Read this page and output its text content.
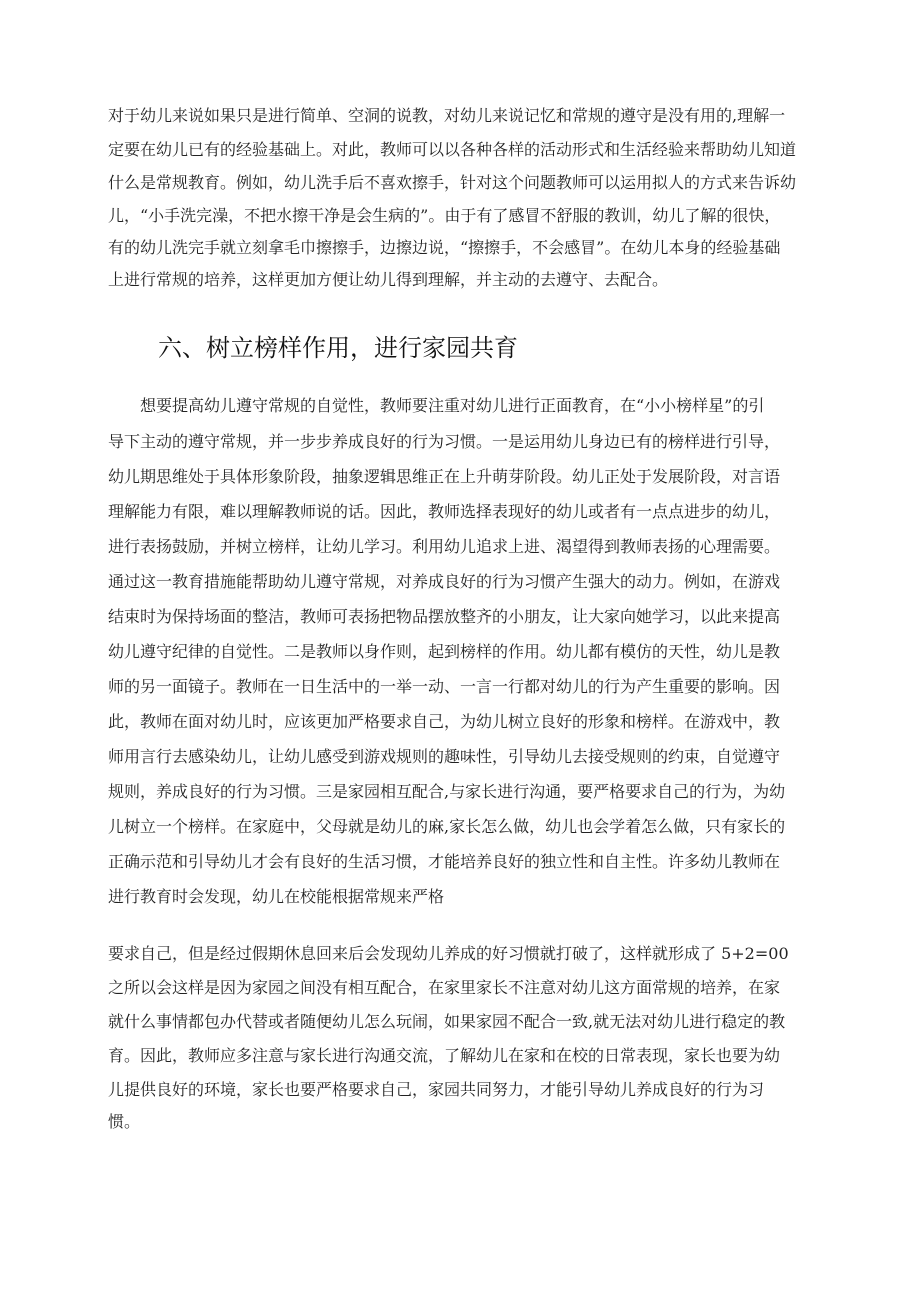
对于幼儿来说如果只是进行简单、空洞的说教，对幼儿来说记忆和常规的遵守是没有用的,理解一
定要在幼儿已有的经验基础上。对此，教师可以以各种各样的活动形式和生活经验来帮助幼儿知道
什么是常规教育。例如，幼儿洗手后不喜欢擦手，针对这个问题教师可以运用拟人的方式来告诉幼
儿，“小手洗完澡，不把水擦干净是会生病的”。由于有了感冒不舒服的教训，幼儿了解的很快，
有的幼儿洗完手就立刻拿毛巾擦擦手，边擦边说，“擦擦手，不会感冒”。在幼儿本身的经验基础
上进行常规的培养，这样更加方便让幼儿得到理解，并主动的去遵守、去配合。
六、树立榜样作用，进行家园共育
想要提高幼儿遵守常规的自觉性，教师要注重对幼儿进行正面教育，在“小小榜样星”的引
导下主动的遵守常规，并一步步养成良好的行为习惯。一是运用幼儿身边已有的榜样进行引导，
幼儿期思维处于具体形象阶段，抽象逻辑思维正在上升萌芽阶段。幼儿正处于发展阶段，对言语
理解能力有限，难以理解教师说的话。因此，教师选择表现好的幼儿或者有一点点进步的幼儿，
进行表扬鼓励，并树立榜样，让幼儿学习。利用幼儿追求上进、渴望得到教师表扬的心理需要。
通过这一教育措施能帮助幼儿遵守常规，对养成良好的行为习惯产生强大的动力。例如，在游戏
结束时为保持场面的整洁，教师可表扬把物品摆放整齐的小朋友，让大家向她学习，以此来提高
幼儿遵守纪律的自觉性。二是教师以身作则，起到榜样的作用。幼儿都有模仿的天性，幼儿是教
师的另一面镜子。教师在一日生活中的一举一动、一言一行都对幼儿的行为产生重要的影响。因
此，教师在面对幼儿时，应该更加严格要求自己，为幼儿树立良好的形象和榜样。在游戏中，教
师用言行去感染幼儿，让幼儿感受到游戏规则的趣味性，引导幼儿去接受规则的约束，自觉遵守
规则，养成良好的行为习惯。三是家园相互配合,与家长进行沟通，要严格要求自己的行为，为幼
儿树立一个榜样。在家庭中，父母就是幼儿的麻,家长怎么做，幼儿也会学着怎么做，只有家长的
正确示范和引导幼儿才会有良好的生活习惯，才能培养良好的独立性和自主性。许多幼儿教师在
进行教育时会发现，幼儿在校能根据常规来严格
要求自己，但是经过假期休息回来后会发现幼儿养成的好习惯就打破了，这样就形成了 5+2=00
之所以会这样是因为家园之间没有相互配合，在家里家长不注意对幼儿这方面常规的培养，在家
就什么事情都包办代替或者随便幼儿怎么玩闹，如果家园不配合一致,就无法对幼儿进行稳定的教
育。因此，教师应多注意与家长进行沟通交流，了解幼儿在家和在校的日常表现，家长也要为幼
儿提供良好的环境，家长也要严格要求自己，家园共同努力，才能引导幼儿养成良好的行为习
惯。
